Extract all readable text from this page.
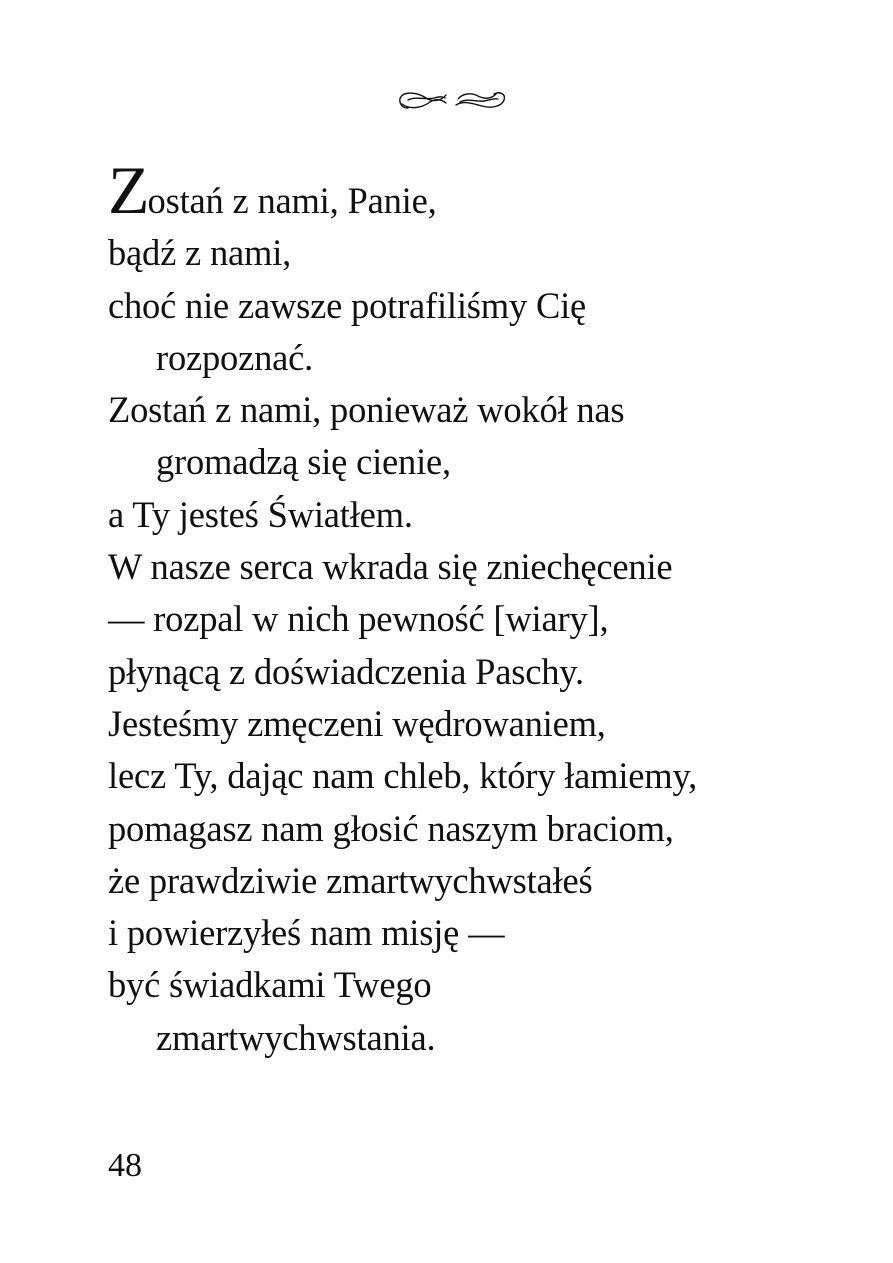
Zostań z nami, Panie,
bądź z nami,
choć nie zawsze potrafiliśmy Cię
rozpoznać.
Zostań z nami, ponieważ wokół nas
gromadzą się cienie,
a Ty jesteś Światłem.
W nasze serca wkrada się zniechęcenie
— rozpal w nich pewność [wiary],
płynącą z doświadczenia Paschy.
Jesteśmy zmęczeni wędrowaniem,
lecz Ty, dając nam chleb, który łamiemy,
pomagasz nam głosić naszym braciom,
że prawdziwie zmartwychwstałeś
i powierzyłeś nam misję —
być świadkami Twego
zmartwychwstania.
48
